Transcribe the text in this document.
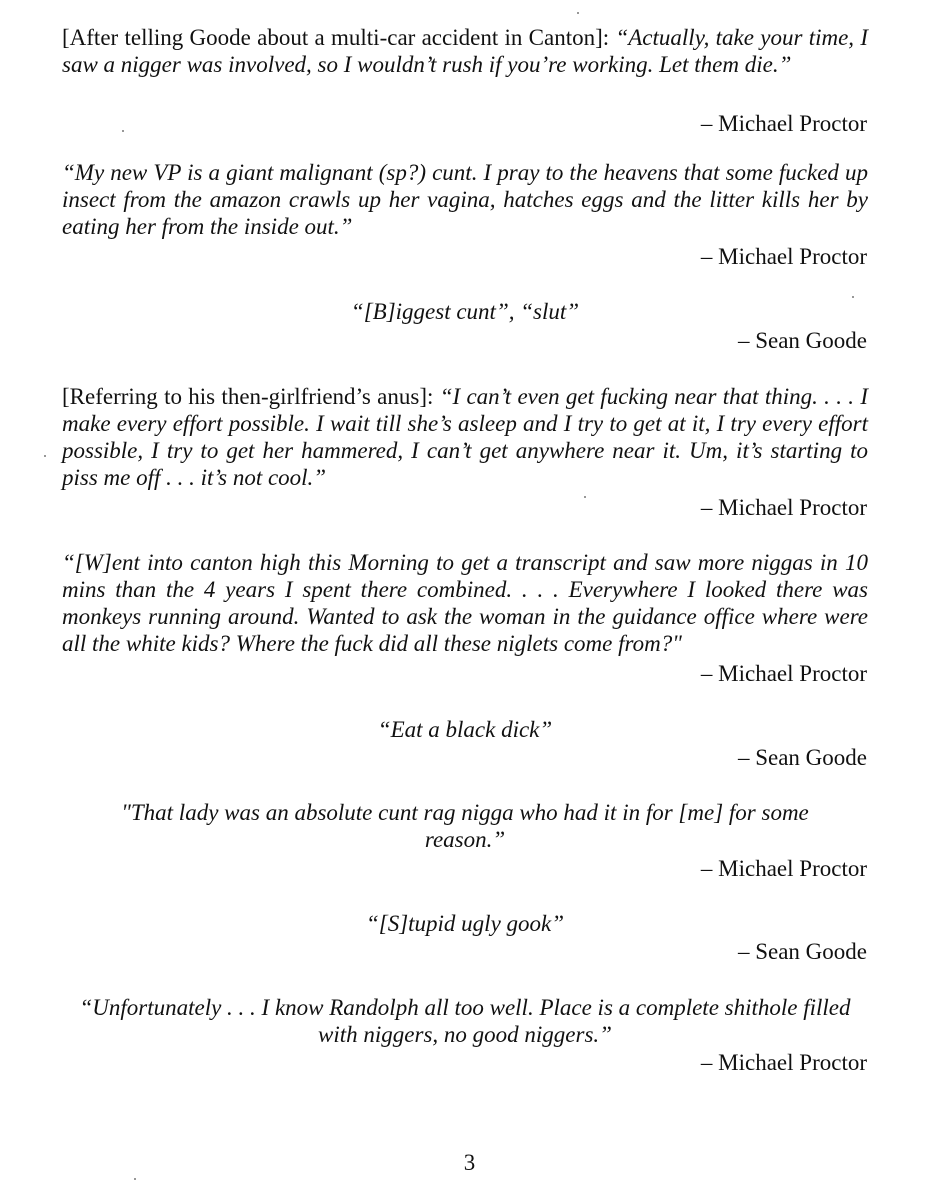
[After telling Goode about a multi-car accident in Canton]: “Actually, take your time, I saw a nigger was involved, so I wouldn’t rush if you’re working. Let them die.”

– Michael Proctor

“My new VP is a giant malignant (sp?) cunt. I pray to the heavens that some fucked up insect from the amazon crawls up her vagina, hatches eggs and the litter kills her by eating her from the inside out.”

– Michael Proctor

“[B]iggest cunt”, “slut”

– Sean Goode

[Referring to his then-girlfriend’s anus]: “I can’t even get fucking near that thing. . . . I make every effort possible. I wait till she’s asleep and I try to get at it, I try every effort possible, I try to get her hammered, I can’t get anywhere near it. Um, it’s starting to piss me off . . . it’s not cool.”

– Michael Proctor

“[W]ent into canton high this Morning to get a transcript and saw more niggas in 10 mins than the 4 years I spent there combined. . . . Everywhere I looked there was monkeys running around. Wanted to ask the woman in the guidance office where were all the white kids? Where the fuck did all these niglets come from?"

– Michael Proctor

“Eat a black dick”

– Sean Goode

"That lady was an absolute cunt rag nigga who had it in for [me] for some reason.”

– Michael Proctor

“[S]tupid ugly gook”

– Sean Goode

“Unfortunately . . . I know Randolph all too well. Place is a complete shithole filled with niggers, no good niggers.”

– Michael Proctor
3
